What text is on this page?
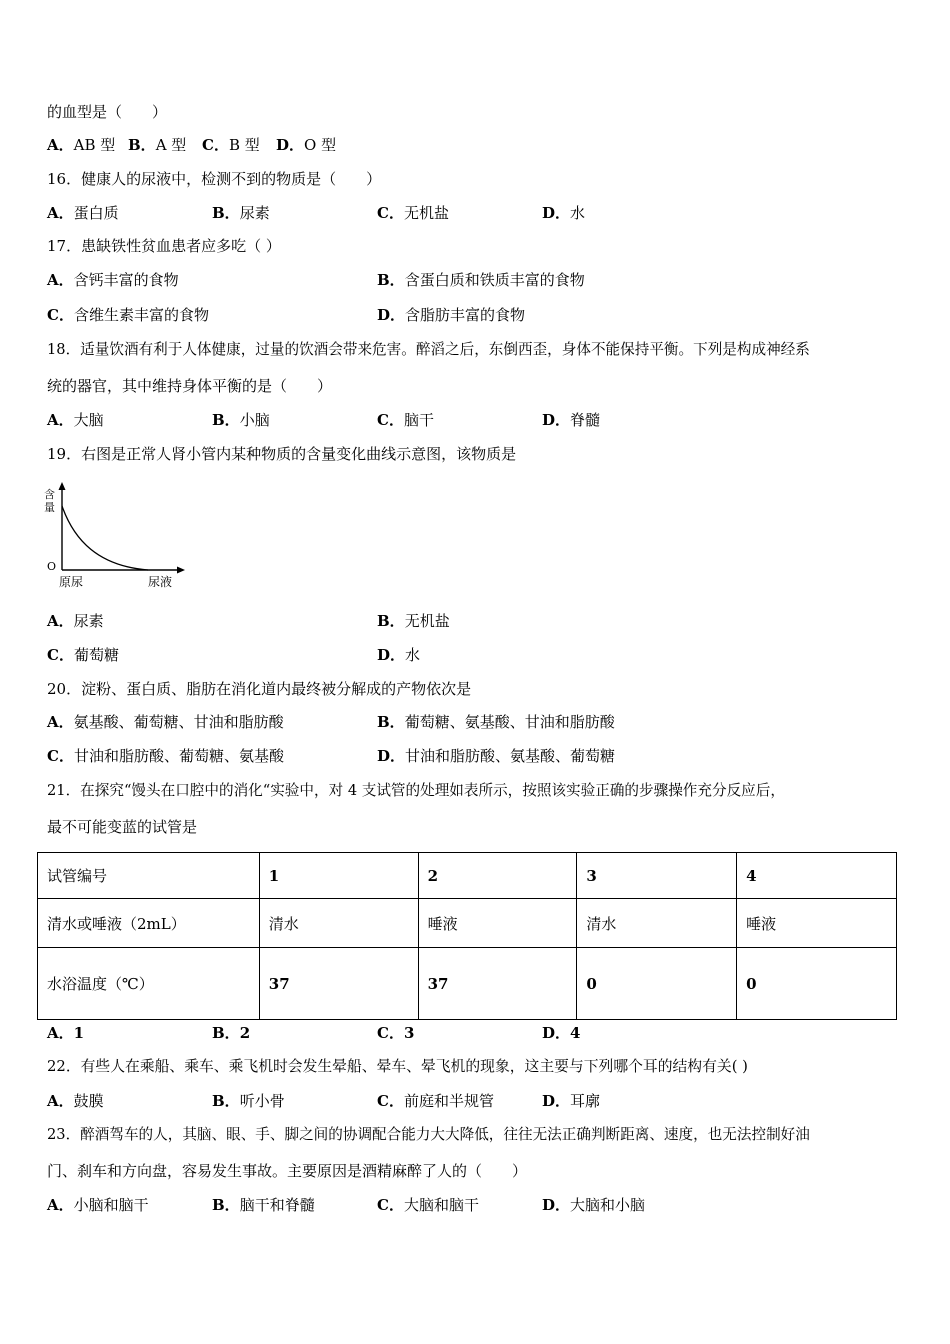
的血型是（　　）
A．AB 型 B．A 型 C．B 型 D．O 型
16．健康人的尿液中，检测不到的物质是（　　）
A．蛋白质	B．尿素	C．无机盐	D．水
17．患缺铁性贫血患者应多吃（ ）
A．含钙丰富的食物	B．含蛋白质和铁质丰富的食物
C．含维生素丰富的食物	D．含脂肪丰富的食物
18．适量饮酒有利于人体健康，过量的饮酒会带来危害。醉滔之后，东倒西歪，身体不能保持平衡。下列是构成神经系
统的器官，其中维持身体平衡的是（　　）
A．大脑	B．小脑	C．脑干	D．脊髓
19．右图是正常人肾小管内某种物质的含量变化曲线示意图，该物质是
含
量
O
原尿	尿液
A．尿素	B．无机盐
C．葡萄糖	D．水
20．淀粉、蛋白质、脂肪在消化道内最终被分解成的产物依次是
A．氨基酸、葡萄糖、甘油和脂肪酸	B．葡萄糖、氨基酸、甘油和脂肪酸
C．甘油和脂肪酸、葡萄糖、氨基酸	D．甘油和脂肪酸、氨基酸、葡萄糖
21．在探究“馒头在口腔中的消化“实验中，对 4 支试管的处理如表所示，按照该实验正确的步骤操作充分反应后，
最不可能变蓝的试管是
试管编号	1	2	3	4
清水或唾液（2mL）	清水	唾液	清水	唾液
水浴温度（℃）	37	37	0	0
A．1	B．2	C．3	D．4
22．有些人在乘船、乘车、乘飞机时会发生晕船、晕车、晕飞机的现象，这主要与下列哪个耳的结构有关( )
A．鼓膜	B．听小骨	C．前庭和半规管	D．耳廓
23．醉酒驾车的人，其脑、眼、手、脚之间的协调配合能力大大降低，往往无法正确判断距离、速度，也无法控制好油
门、刹车和方向盘，容易发生事故。主要原因是酒精麻醉了人的（　　）
A．小脑和脑干	B．脑干和脊髓	C．大脑和脑干	D．大脑和小脑
